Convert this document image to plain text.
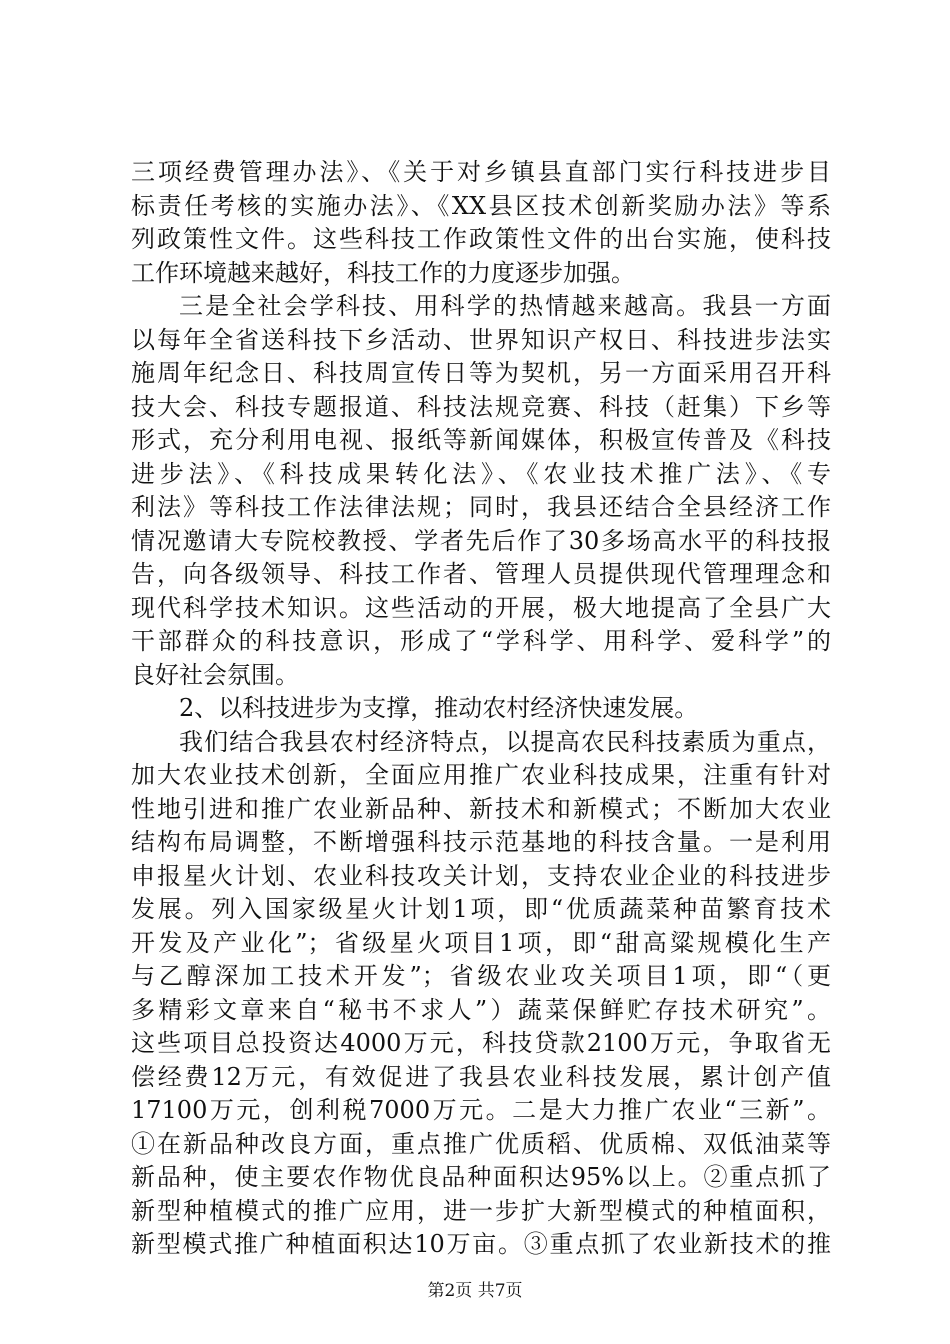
三项经费管理办法》、《关于对乡镇县直部门实行科技进步目
标责任考核的实施办法》、《XX县区技术创新奖励办法》等系
列政策性文件。这些科技工作政策性文件的出台实施，使科技
工作环境越来越好，科技工作的力度逐步加强。
三是全社会学科技、用科学的热情越来越高。我县一方面
以每年全省送科技下乡活动、世界知识产权日、科技进步法实
施周年纪念日、科技周宣传日等为契机，另一方面采用召开科
技大会、科技专题报道、科技法规竞赛、科技（赶集）下乡等
形式，充分利用电视、报纸等新闻媒体，积极宣传普及《科技
进步法》、《科技成果转化法》、《农业技术推广法》、《专
利法》等科技工作法律法规；同时，我县还结合全县经济工作
情况邀请大专院校教授、学者先后作了30多场高水平的科技报
告，向各级领导、科技工作者、管理人员提供现代管理理念和
现代科学技术知识。这些活动的开展，极大地提高了全县广大
干部群众的科技意识，形成了“学科学、用科学、爱科学”的
良好社会氛围。
2、以科技进步为支撑，推动农村经济快速发展。
我们结合我县农村经济特点，以提高农民科技素质为重点，
加大农业技术创新，全面应用推广农业科技成果，注重有针对
性地引进和推广农业新品种、新技术和新模式；不断加大农业
结构布局调整，不断增强科技示范基地的科技含量。一是利用
申报星火计划、农业科技攻关计划，支持农业企业的科技进步
发展。列入国家级星火计划1项，即“优质蔬菜种苗繁育技术
开发及产业化”；省级星火项目1项，即“甜高粱规模化生产
与乙醇深加工技术开发”；省级农业攻关项目1项，即“（更
多精彩文章来自“秘书不求人”）蔬菜保鲜贮存技术研究”。
这些项目总投资达4000万元，科技贷款2100万元，争取省无
偿经费12万元，有效促进了我县农业科技发展，累计创产值
17100万元，创利税7000万元。二是大力推广农业“三新”。
①在新品种改良方面，重点推广优质稻、优质棉、双低油菜等
新品种，使主要农作物优良品种面积达95%以上。②重点抓了
新型种植模式的推广应用，进一步扩大新型模式的种植面积，
新型模式推广种植面积达10万亩。③重点抓了农业新技术的推
第2页 共7页
